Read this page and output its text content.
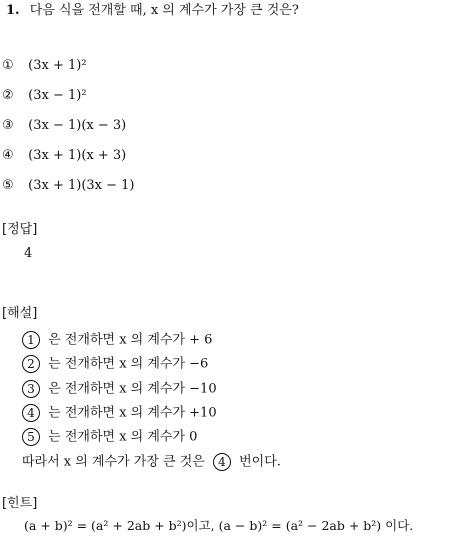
1. 다음 식을 전개할 때, x 의 계수가 가장 큰 것은?
① (3x + 1)²
② (3x − 1)²
③ (3x − 1)(x − 3)
④ (3x + 1)(x + 3)
⑤ (3x + 1)(3x − 1)
[정답]
4
[해설]
1 은 전개하면 x 의 계수가 + 6
2 는 전개하면 x 의 계수가 −6
3 은 전개하면 x 의 계수가 −10
4 는 전개하면 x 의 계수가 +10
5 는 전개하면 x 의 계수가 0
따라서 x 의 계수가 가장 큰 것은 4 번이다.
[힌트]
(a + b)² = (a² + 2ab + b²)이고, (a − b)² = (a² − 2ab + b²) 이다.
